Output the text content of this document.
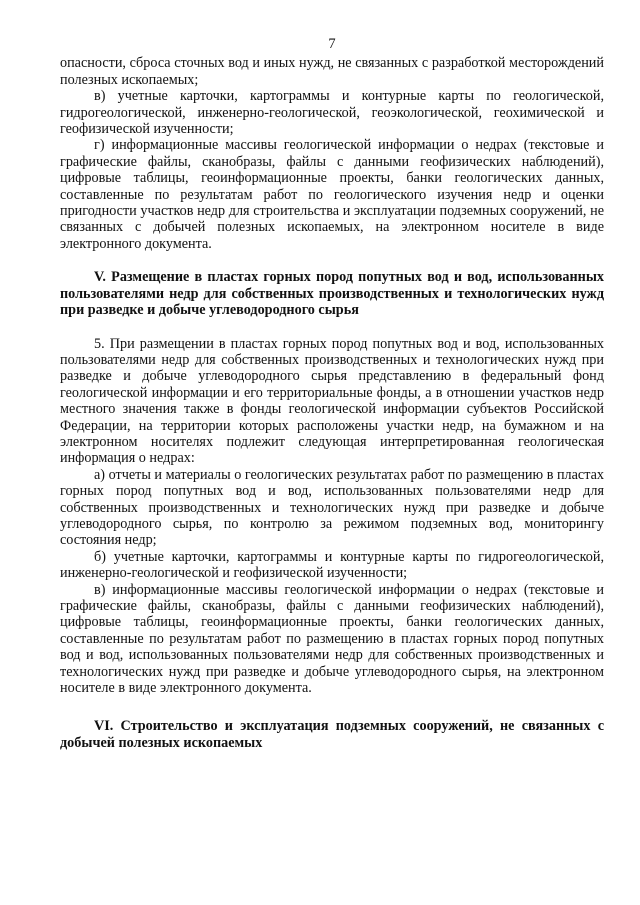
7

опасности, сброса сточных вод и иных нужд, не связанных с разработкой месторождений полезных ископаемых;

в) учетные карточки, картограммы и контурные карты по геологической, гидрогеологической, инженерно-геологической, геоэкологической, геохимической и геофизической изученности;

г) информационные массивы геологической информации о недрах (текстовые и графические файлы, сканобразы, файлы с данными геофизических наблюдений), цифровые таблицы, геоинформационные проекты, банки геологических данных, составленные по результатам работ по геологического изучения недр и оценки пригодности участков недр для строительства и эксплуатации подземных сооружений, не связанных с добычей полезных ископаемых, на электронном носителе в виде электронного документа.

V. Размещение в пластах горных пород попутных вод и вод, использованных пользователями недр для собственных производственных и технологических нужд при разведке и добыче углеводородного сырья

5. При размещении в пластах горных пород попутных вод и вод, использованных пользователями недр для собственных производственных и технологических нужд при разведке и добыче углеводородного сырья представлению в федеральный фонд геологической информации и его территориальные фонды, а в отношении участков недр местного значения также в фонды геологической информации субъектов Российской Федерации, на территории которых расположены участки недр, на бумажном и на электронном носителях подлежит следующая интерпретированная геологическая информация о недрах:

а) отчеты и материалы о геологических результатах работ по размещению в пластах горных пород попутных вод и вод, использованных пользователями недр для собственных производственных и технологических нужд при разведке и добыче углеводородного сырья, по контролю за режимом подземных вод, мониторингу состояния недр;

б) учетные карточки, картограммы и контурные карты по гидрогеологической, инженерно-геологической и геофизической изученности;

в) информационные массивы геологической информации о недрах (текстовые и графические файлы, сканобразы, файлы с данными геофизических наблюдений), цифровые таблицы, геоинформационные проекты, банки геологических данных, составленные по результатам работ по размещению в пластах горных пород попутных вод и вод, использованных пользователями недр для собственных производственных и технологических нужд при разведке и добыче углеводородного сырья, на электронном носителе в виде электронного документа.

VI. Строительство и эксплуатация подземных сооружений, не связанных с добычей полезных ископаемых
